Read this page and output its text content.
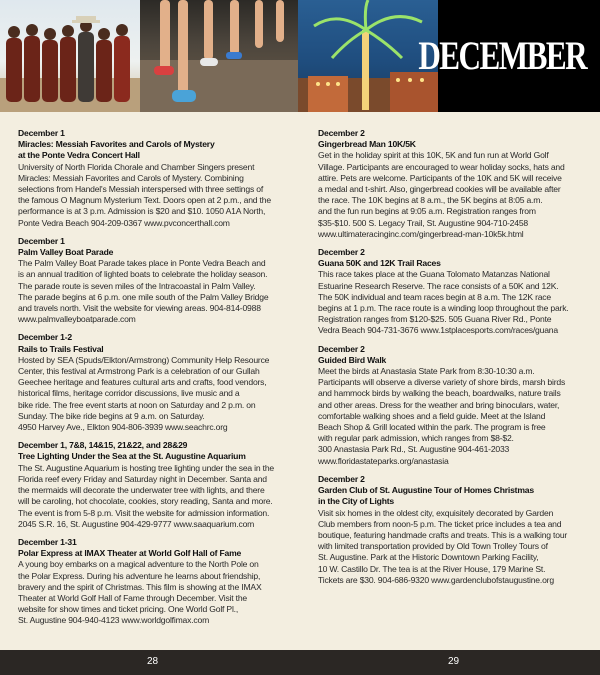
DECEMBER
December 1
Miracles: Messiah Favorites and Carols of Mystery
at the Ponte Vedra Concert Hall
University of North Florida Chorale and Chamber Singers present
Miracles: Messiah Favorites and Carols of Mystery. Combining
selections from Handel's Messiah interspersed with three settings of
the famous O Magnum Mysterium Text. Doors open at 2 p.m., and the
performance is at 3 p.m. Admission is $20 and $10. 1050 A1A North,
Ponte Vedra Beach 904-209-0367 www.pvconcerthall.com
December 1
Palm Valley Boat Parade
The Palm Valley Boat Parade takes place in Ponte Vedra Beach and
is an annual tradition of lighted boats to celebrate the holiday season.
The parade route is seven miles of the Intracoastal in Palm Valley.
The parade begins at 6 p.m. one mile south of the Palm Valley Bridge
and travels north. Visit the website for viewing areas. 904-814-0988
www.palmvalleyboatparade.com
December 1-2
Rails to Trails Festival
Hosted by SEA (Spuds/Elkton/Armstrong) Community Help Resource
Center, this festival at Armstrong Park is a celebration of our Gullah
Geechee heritage and features cultural arts and crafts, food vendors,
historical films, heritage corridor discussions, live music and a
bike ride. The free event starts at noon on Saturday and 2 p.m. on
Sunday. The bike ride begins at 9 a.m. on Saturday.
4950 Harvey Ave., Elkton 904-806-3939 www.seachrc.org
December 1, 7&8, 14&15, 21&22, and 28&29
Tree Lighting Under the Sea at the St. Augustine Aquarium
The St. Augustine Aquarium is hosting tree lighting under the sea in the
Florida reef every Friday and Saturday night in December. Santa and
the mermaids will decorate the underwater tree with lights, and there
will be caroling, hot chocolate, cookies, story reading, Santa and more.
The event is from 5-8 p.m. Visit the website for admission information.
2045 S.R. 16, St. Augustine 904-429-9777 www.saaquarium.com
December 1-31
Polar Express at IMAX Theater at World Golf Hall of Fame
A young boy embarks on a magical adventure to the North Pole on
the Polar Express. During his adventure he learns about friendship,
bravery and the spirit of Christmas. This film is showing at the IMAX
Theater at World Golf Hall of Fame through December. Visit the
website for show times and ticket pricing. One World Golf Pl.,
St. Augustine 904-940-4123 www.worldgolfimax.com
December 2
Gingerbread Man 10K/5K
Get in the holiday spirit at this 10K, 5K and fun run at World Golf
Village. Participants are encouraged to wear holiday socks, hats and
attire. Pets are welcome. Participants of the 10K and 5K will receive
a medal and t-shirt. Also, gingerbread cookies will be available after
the race. The 10K begins at 8 a.m., the 5K begins at 8:05 a.m.
and the fun run begins at 9:05 a.m. Registration ranges from
$35-$10. 500 S. Legacy Trail, St. Augustine 904-710-2458
www.ultimateracinginc.com/gingerbread-man-10k5k.html
December 2
Guana 50K and 12K Trail Races
This race takes place at the Guana Tolomato Matanzas National
Estuarine Research Reserve. The race consists of a 50K and 12K.
The 50K individual and team races begin at 8 a.m. The 12K race
begins at 1 p.m. The race route is a winding loop throughout the park.
Registration ranges from $120-$25. 505 Guana River Rd., Ponte
Vedra Beach 904-731-3676 www.1stplacesports.com/races/guana
December 2
Guided Bird Walk
Meet the birds at Anastasia State Park from 8:30-10:30 a.m.
Participants will observe a diverse variety of shore birds, marsh birds
and hammock birds by walking the beach, boardwalks, nature trails
and other areas. Dress for the weather and bring binoculars, water,
comfortable walking shoes and a field guide. Meet at the Island
Beach Shop & Grill located within the park. The program is free
with regular park admission, which ranges from $8-$2.
300 Anastasia Park Rd., St. Augustine 904-461-2033
www.floridastateparks.org/anastasia
December 2
Garden Club of St. Augustine Tour of Homes Christmas
in the City of Lights
Visit six homes in the oldest city, exquisitely decorated by Garden
Club members from noon-5 p.m. The ticket price includes a tea and
boutique, featuring handmade crafts and treats. This is a walking tour
with limited transportation provided by Old Town Trolley Tours of
St. Augustine. Park at the Historic Downtown Parking Facility,
10 W. Castillo Dr. The tea is at the River House, 179 Marine St.
Tickets are $30. 904-686-9320 www.gardenclubofstaugustine.org
28	29
